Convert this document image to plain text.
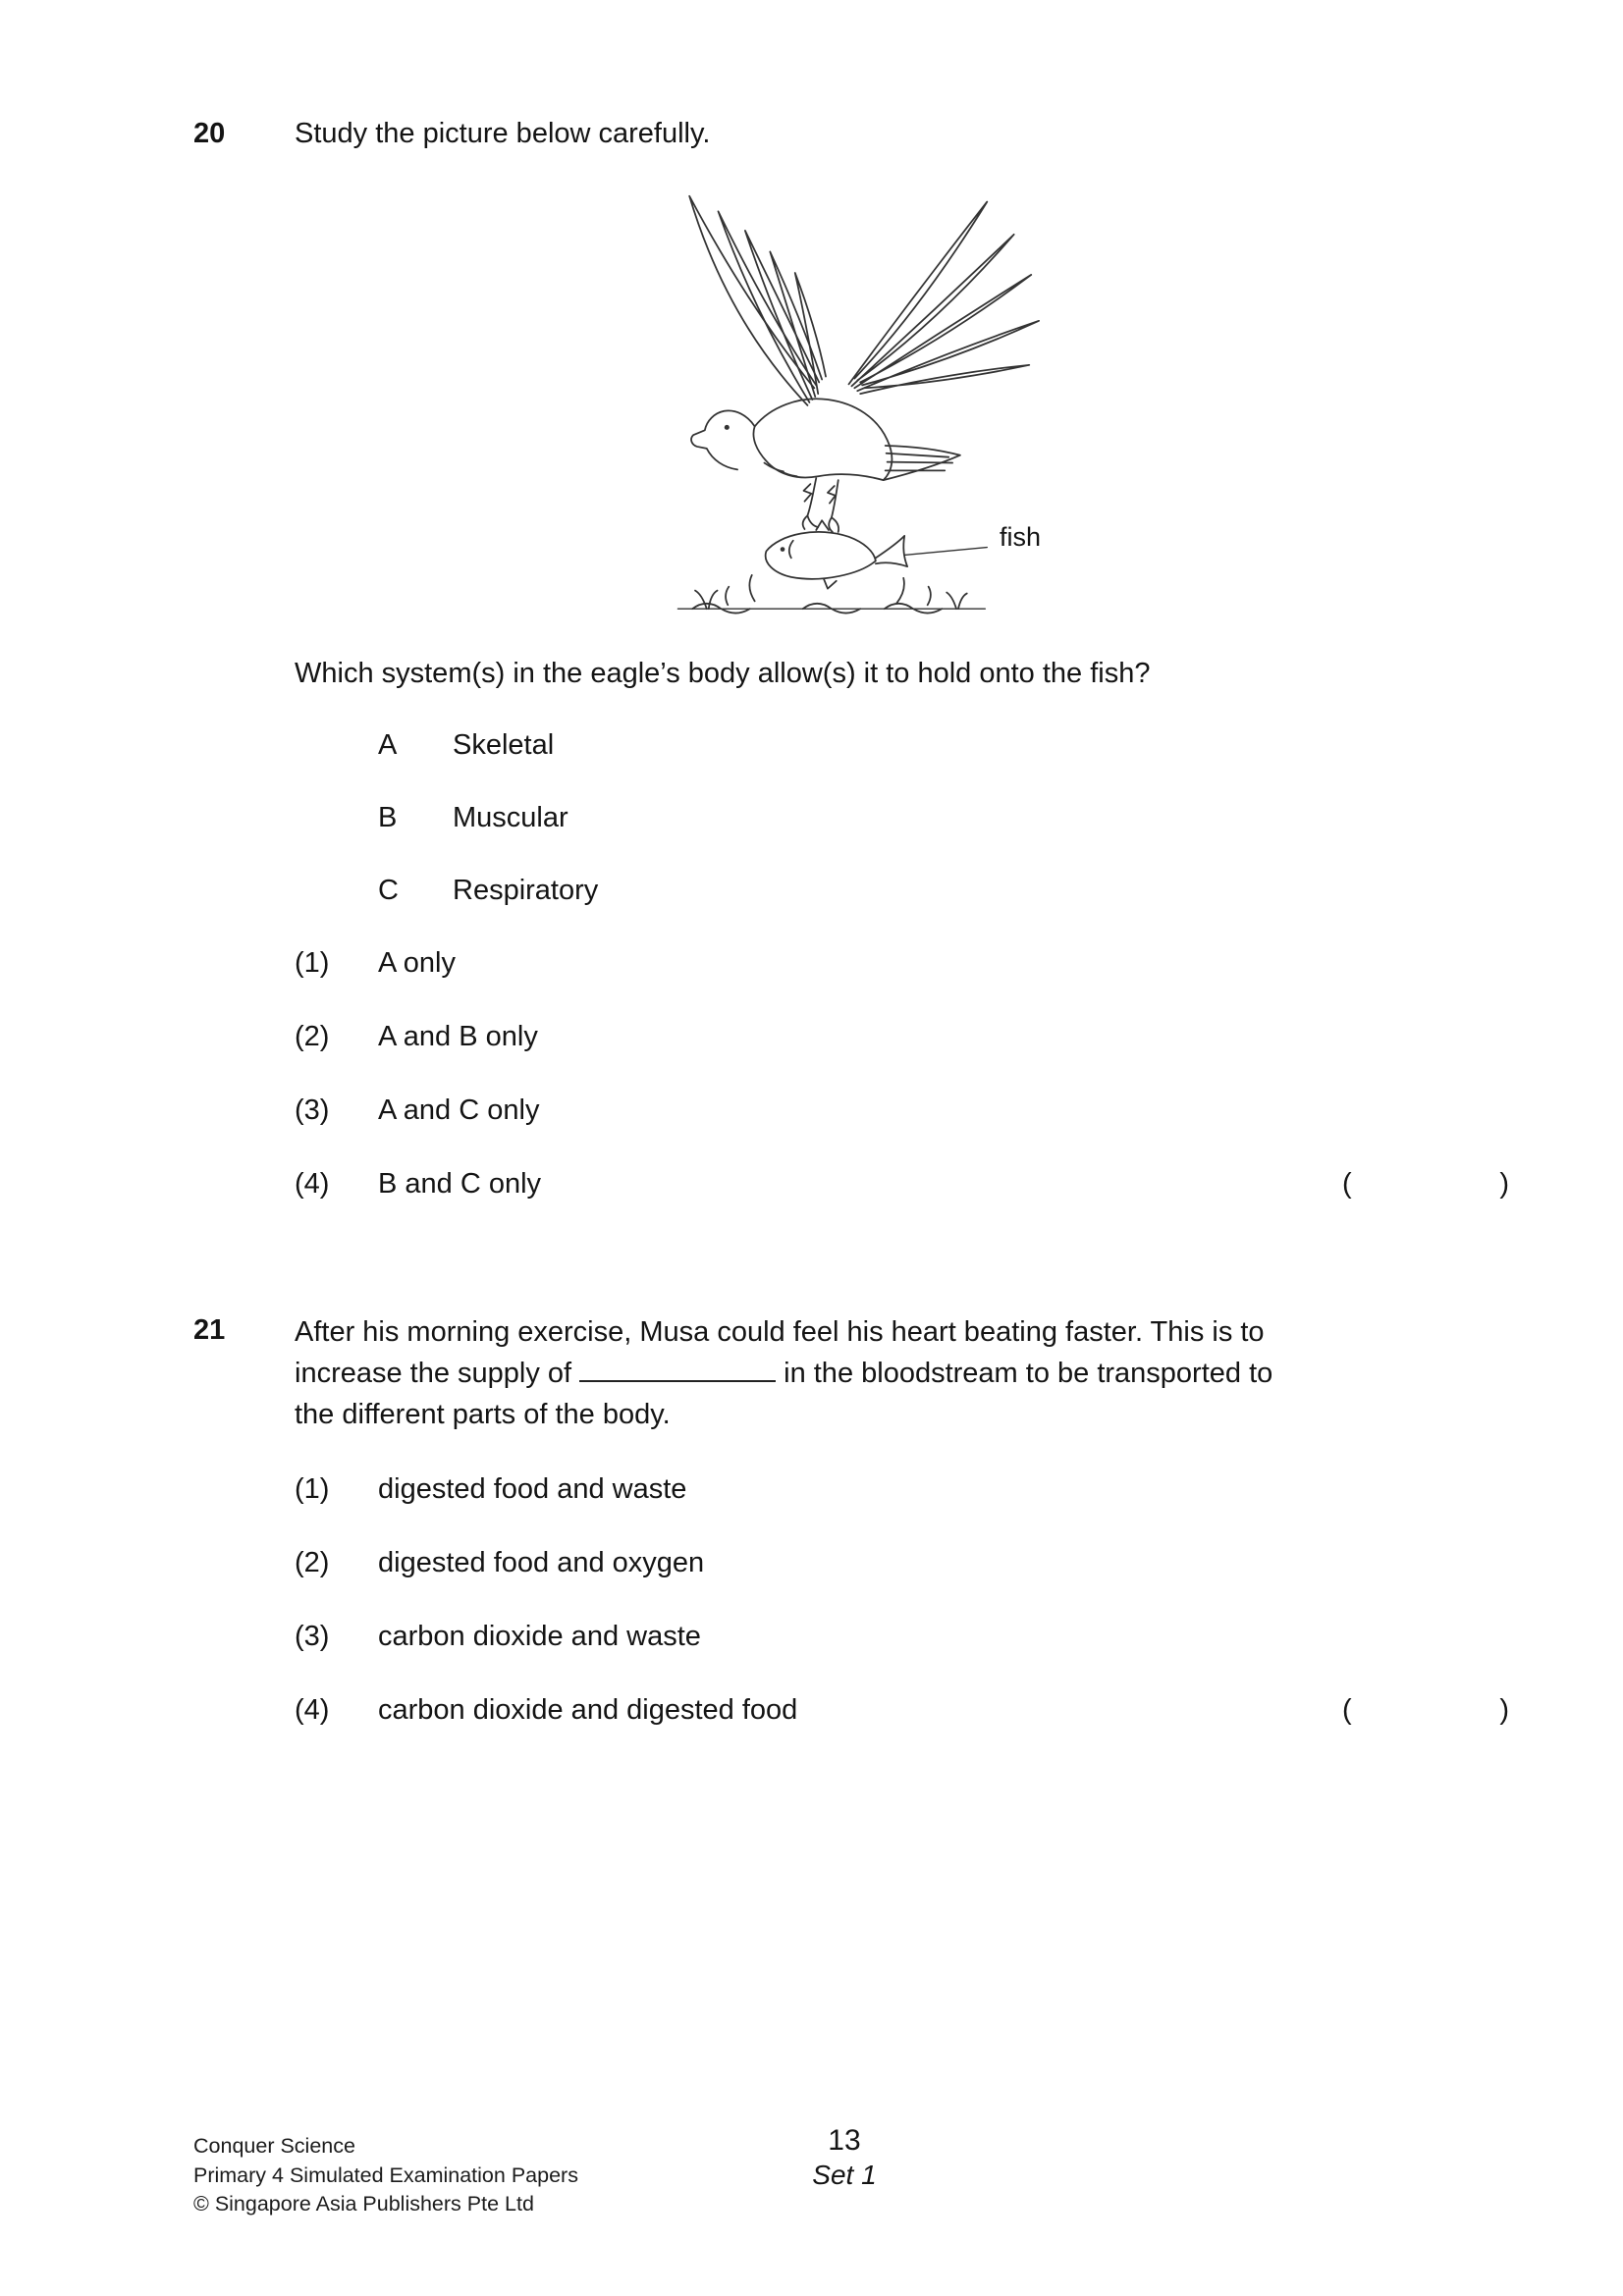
20	Study the picture below carefully.
fish
Which system(s) in the eagle’s body allow(s) it to hold onto the fish?
A	Skeletal
B	Muscular
C	Respiratory
(1)	A only
(2)	A and B only
(3)	A and C only
(4)	B and C only	(	)
21	After his morning exercise, Musa could feel his heart beating faster. This is to
increase the supply of	in the bloodstream to be transported to
the different parts of the body.
(1)	digested food and waste
(2)	digested food and oxygen
(3)	carbon dioxide and waste
(4)	carbon dioxide and digested food	(	)
Conquer Science
Primary 4 Simulated Examination Papers
© Singapore Asia Publishers Pte Ltd
13
Set 1
